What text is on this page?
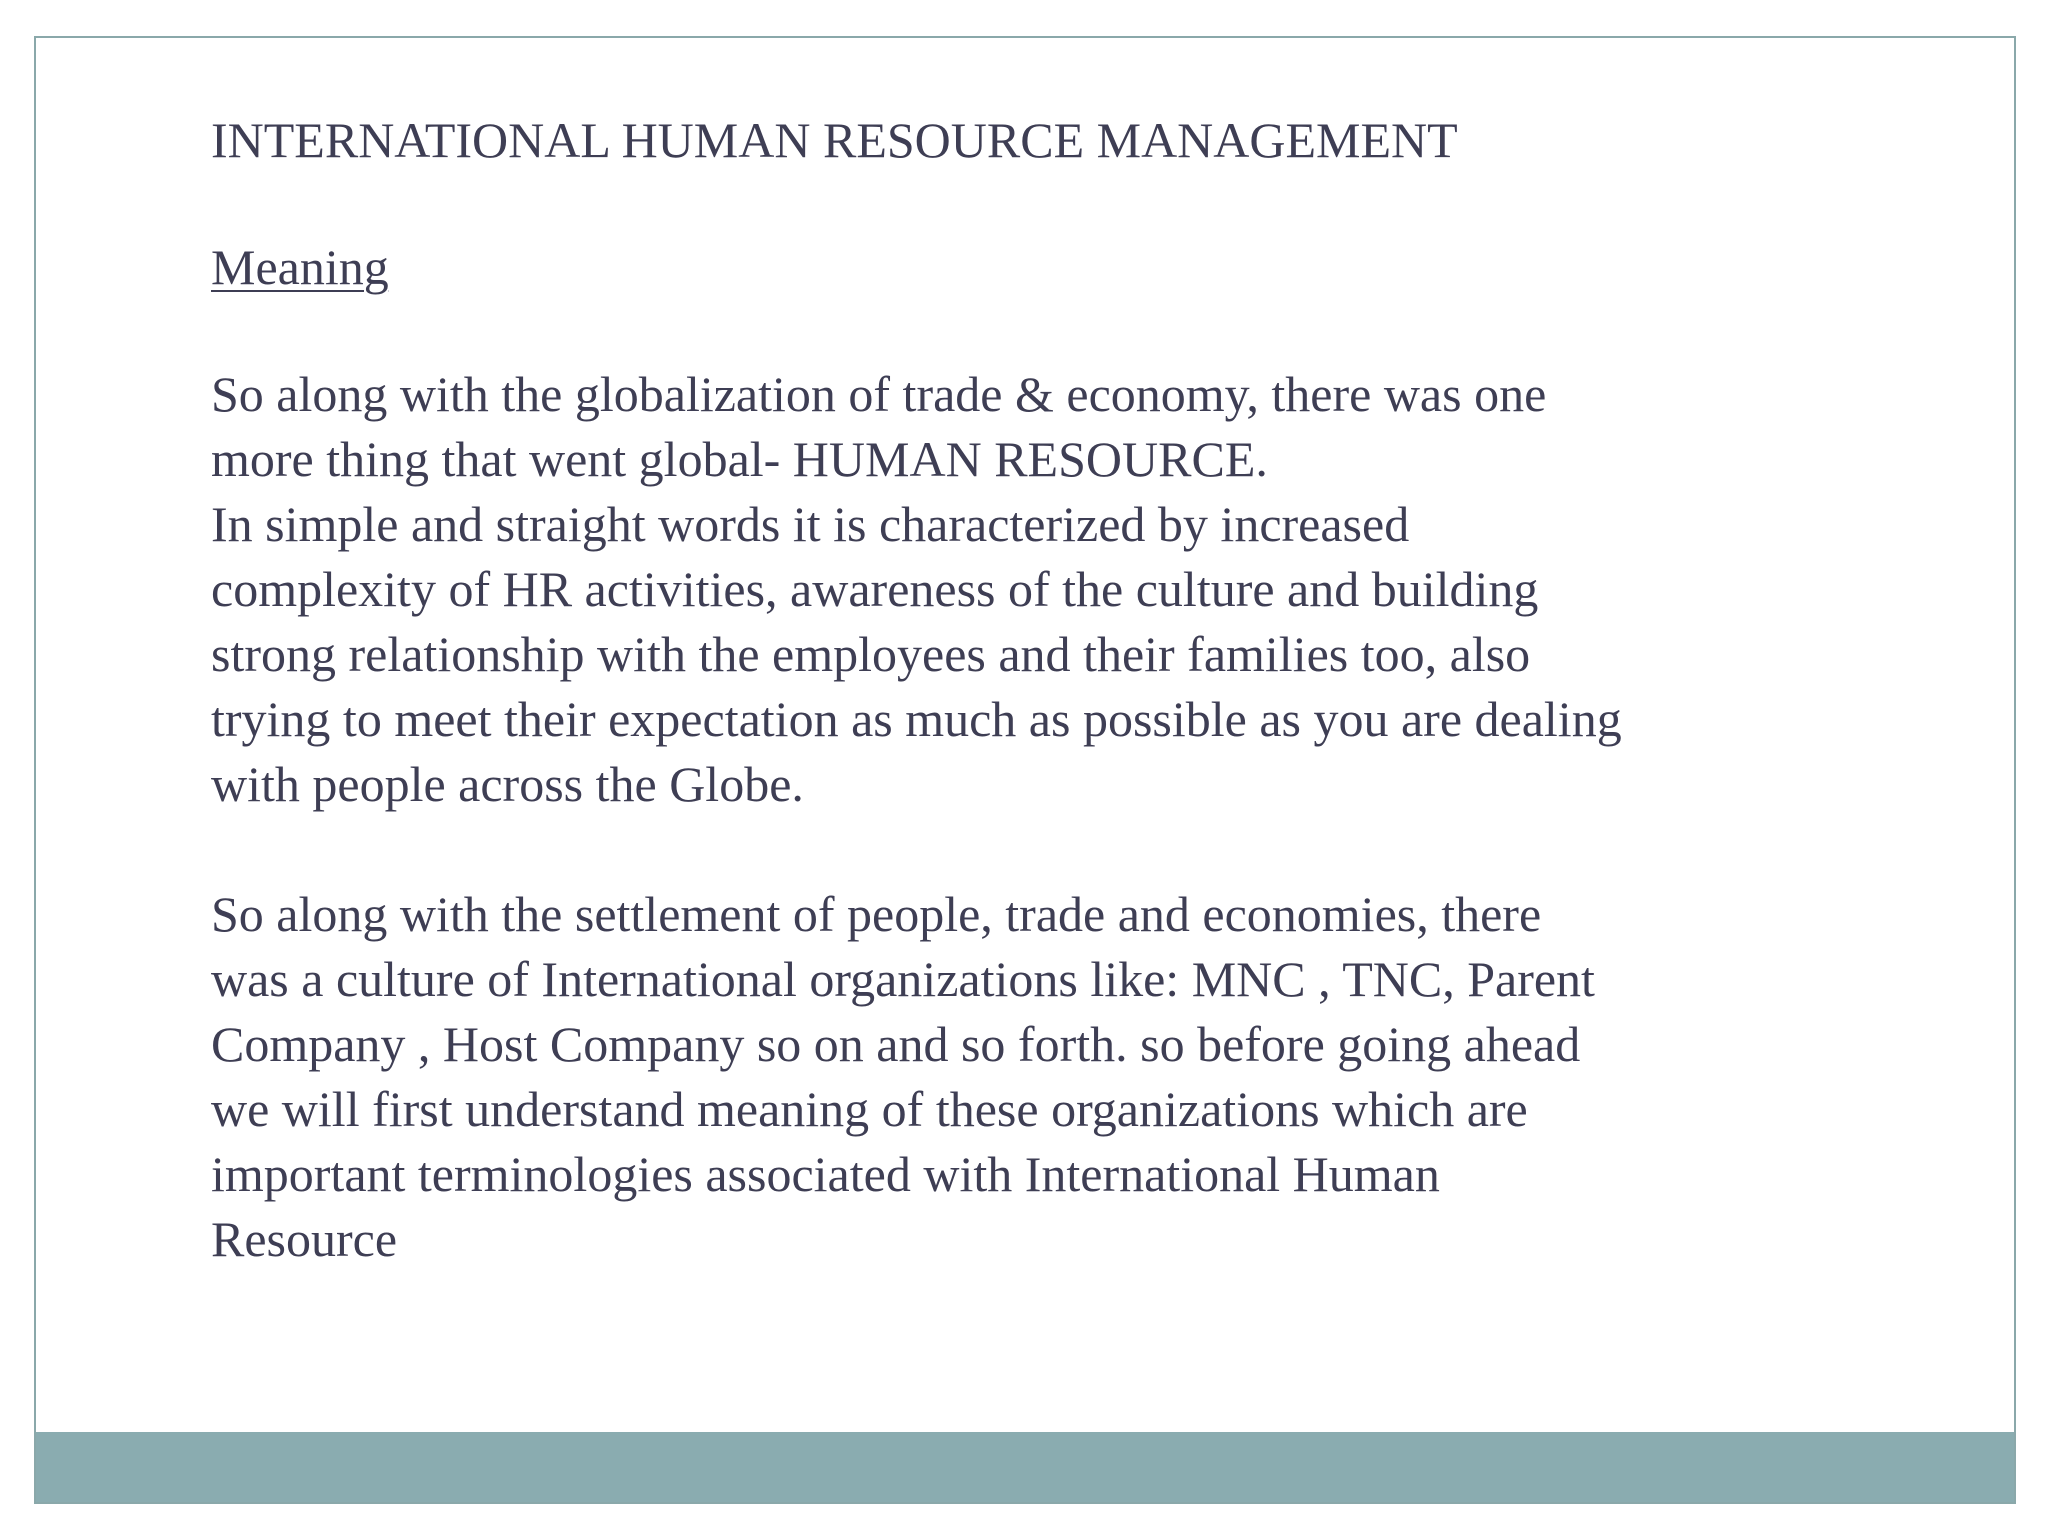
INTERNATIONAL HUMAN RESOURCE MANAGEMENT
Meaning

So along with the globalization of trade & economy, there was one
more thing that went global- HUMAN RESOURCE.
In simple and straight words it is characterized by increased
complexity of HR activities, awareness of the culture and building
strong relationship with the employees and their families too, also
trying to meet their expectation as much as possible as you are dealing
with people across the Globe.

So along with the settlement of people, trade and economies, there
was a culture of International organizations like: MNC , TNC, Parent
Company , Host Company so on and so forth. so before going ahead
we will first understand meaning of these organizations which are
important terminologies associated with International Human
Resource
